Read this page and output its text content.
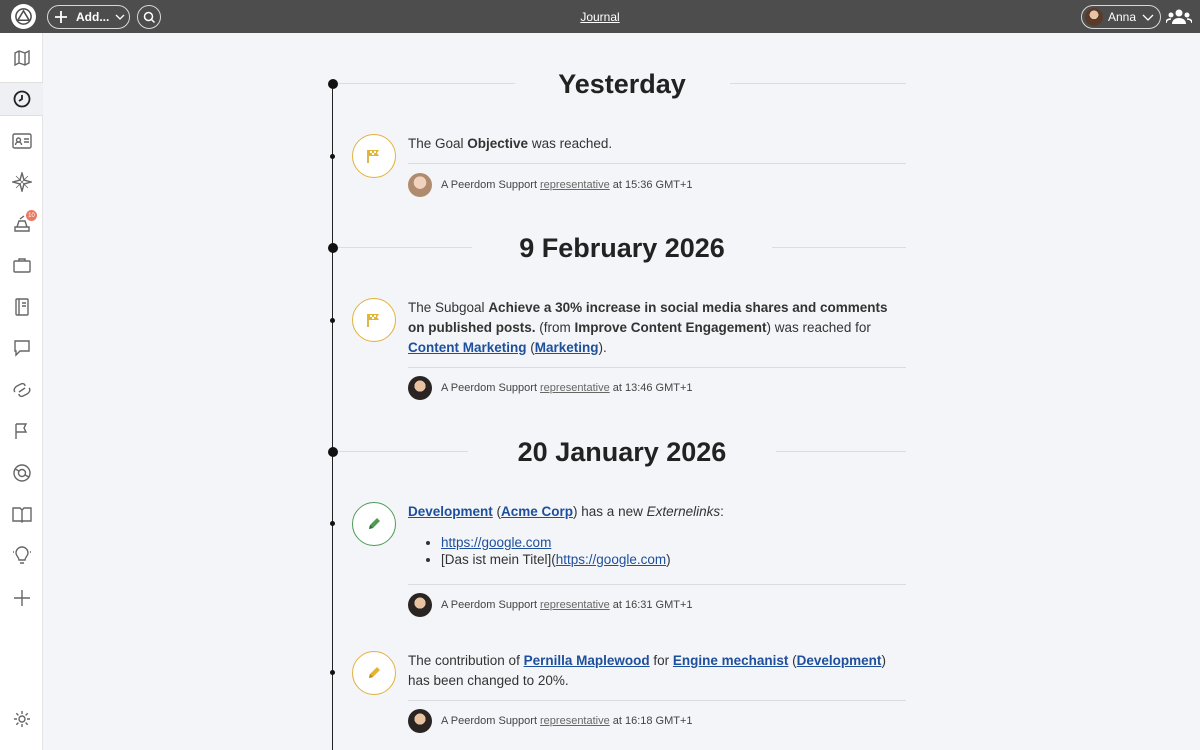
Add...	Journal	Anna
10
Yesterday
The Goal Objective was reached.
A Peerdom Support representative at 15:36 GMT+1
9 February 2026
The Subgoal Achieve a 30% increase in social media shares and comments on published posts. (from Improve Content Engagement) was reached for Content Marketing (Marketing).
A Peerdom Support representative at 13:46 GMT+1
20 January 2026
Development (Acme Corp) has a new Externelinks:
• https://google.com
• [Das ist mein Titel](https://google.com)
A Peerdom Support representative at 16:31 GMT+1
The contribution of Pernilla Maplewood for Engine mechanist (Development) has been changed to 20%.
A Peerdom Support representative at 16:18 GMT+1
